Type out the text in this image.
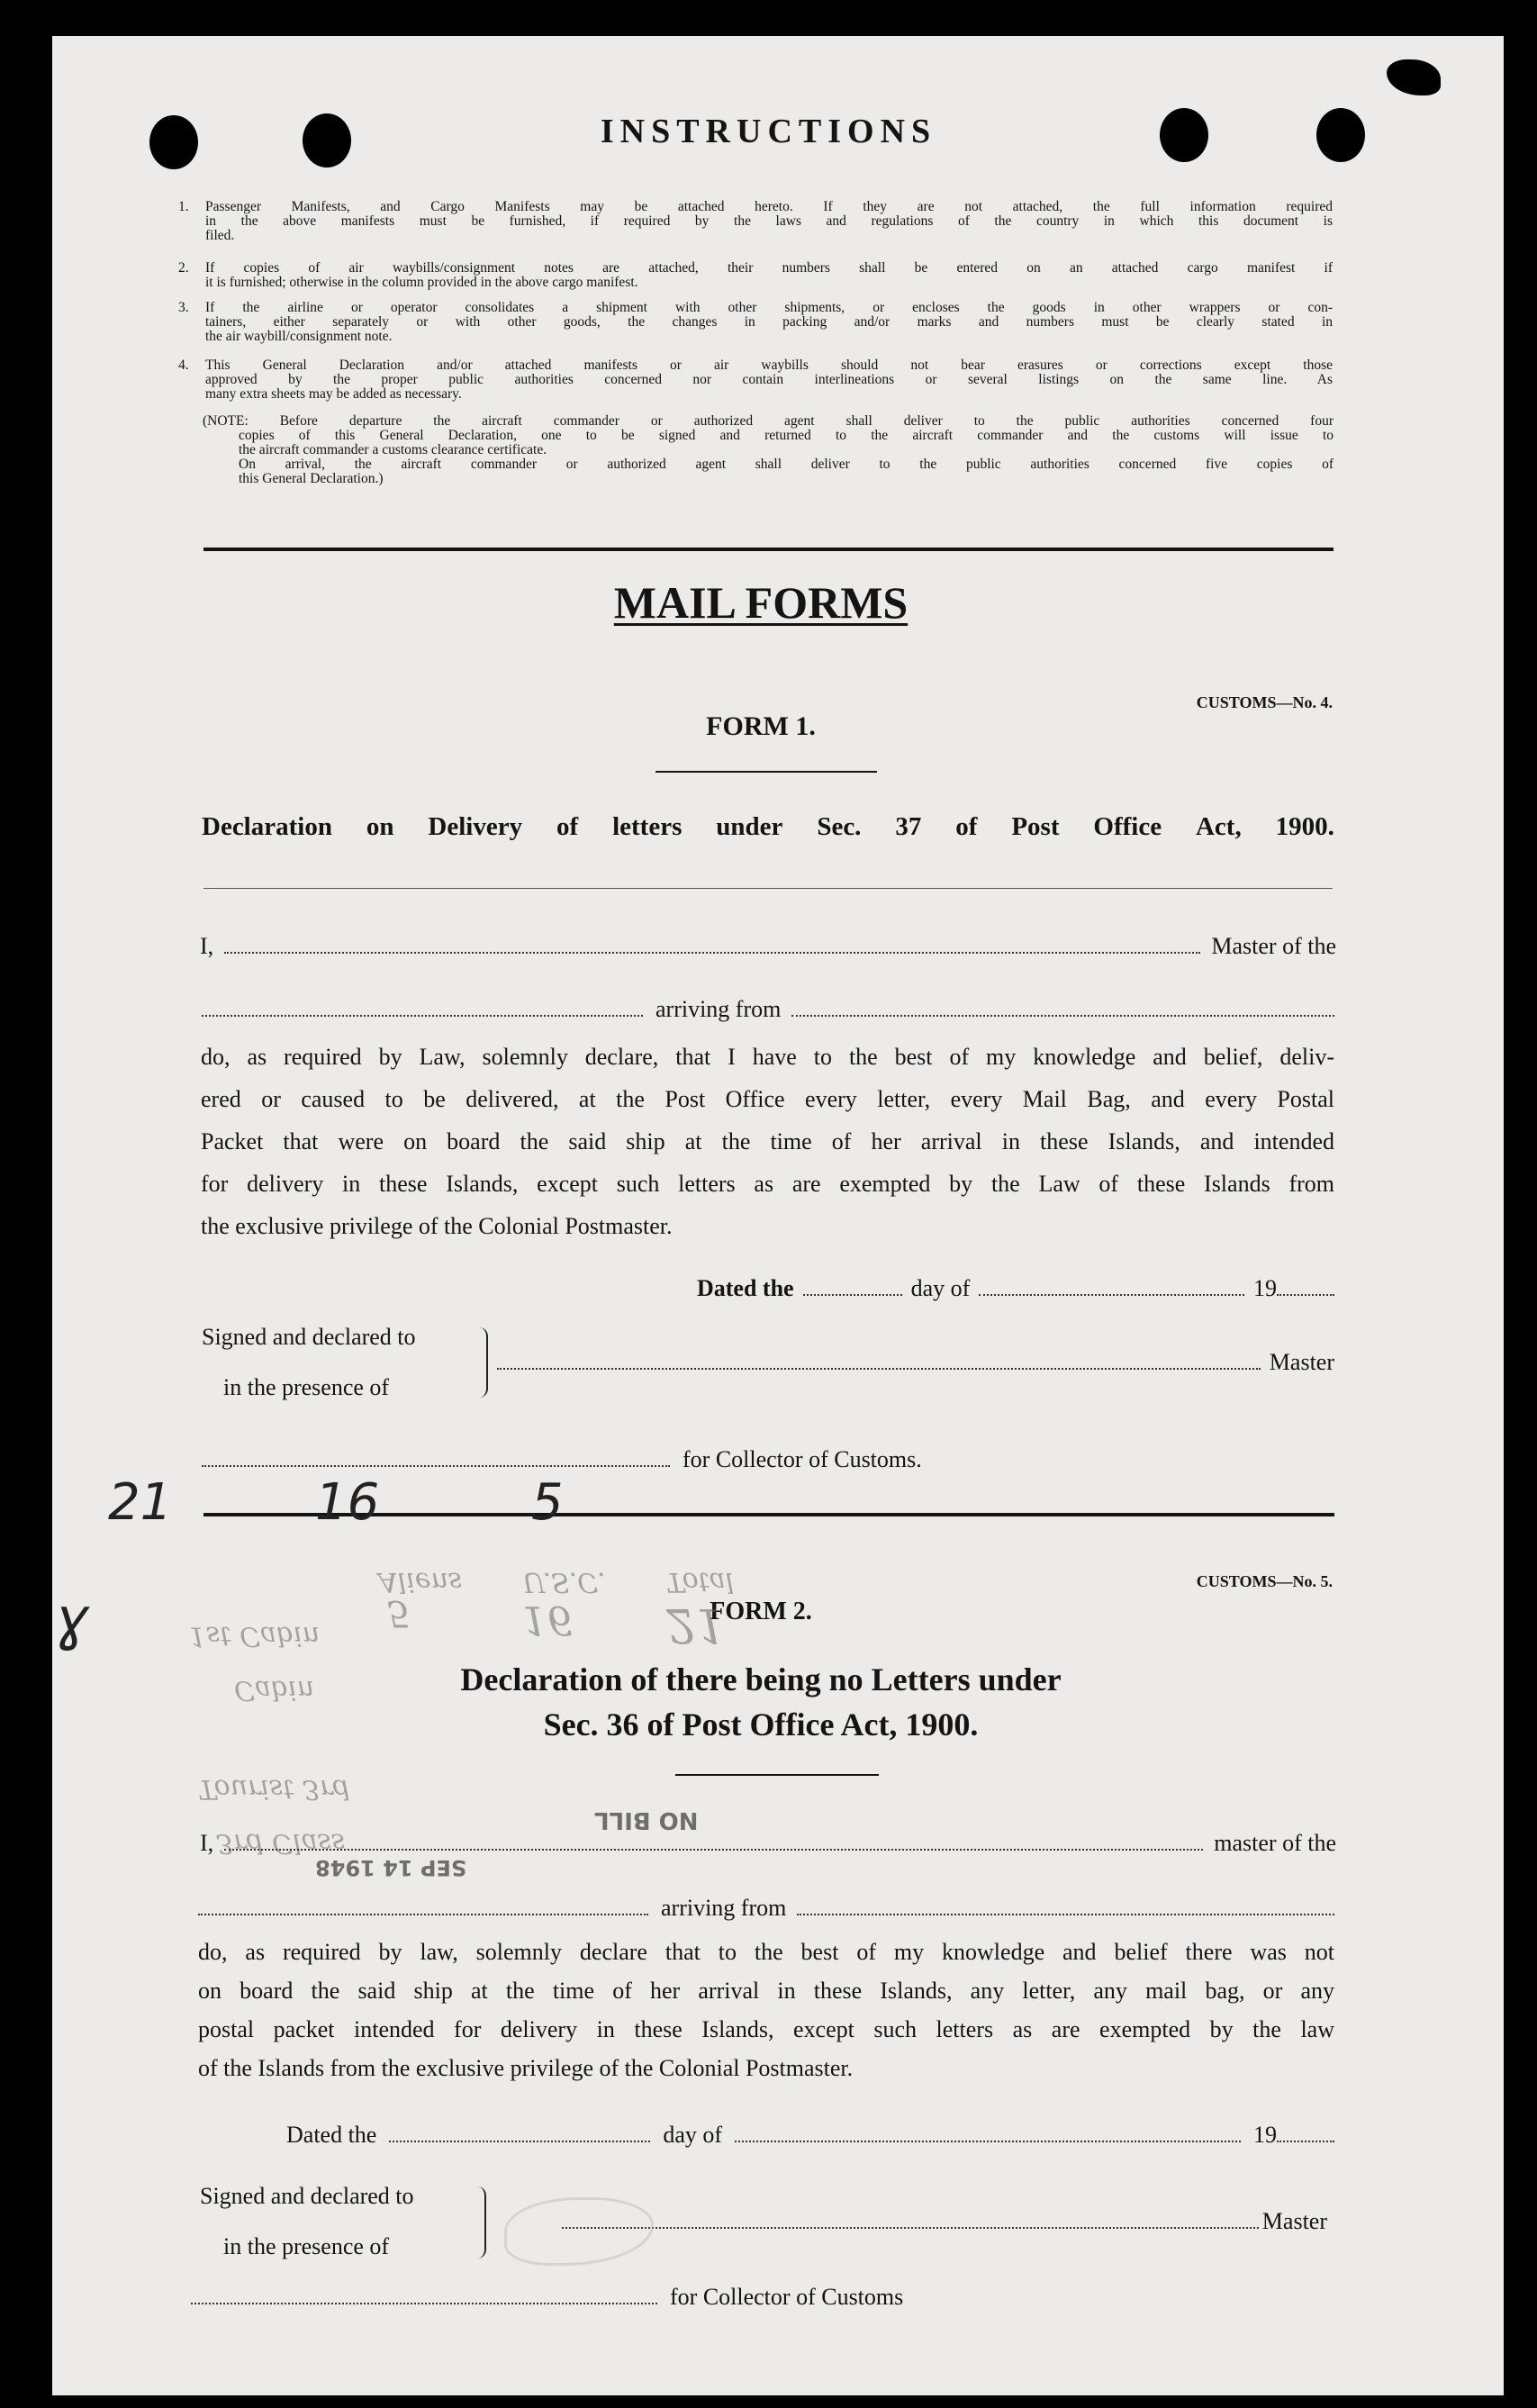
INSTRUCTIONS
1. Passenger Manifests, and Cargo Manifests may be attached hereto. If they are not attached, the full information required
in the above manifests must be furnished, if required by the laws and regulations of the country in which this document is
filed.
2. If copies of air waybills/consignment notes are attached, their numbers shall be entered on an attached cargo manifest if
it is furnished; otherwise in the column provided in the above cargo manifest.
3. If the airline or operator consolidates a shipment with other shipments, or encloses the goods in other wrappers or con-
tainers, either separately or with other goods, the changes in packing and/or marks and numbers must be clearly stated in
the air waybill/consignment note.
4. This General Declaration and/or attached manifests or air waybills should not bear erasures or corrections except those
approved by the proper public authorities concerned nor contain interlineations or several listings on the same line. As
many extra sheets may be added as necessary.
(NOTE: Before departure the aircraft commander or authorized agent shall deliver to the public authorities concerned four
copies of this General Declaration, one to be signed and returned to the aircraft commander and the customs will issue to
the aircraft commander a customs clearance certificate.
On arrival, the aircraft commander or authorized agent shall deliver to the public authorities concerned five copies of
this General Declaration.)
MAIL FORMS
CUSTOMS—No. 4.
FORM 1.
Declaration on Delivery of letters under Sec. 37 of Post Office Act, 1900.
I,	Master of the
arriving from
do, as required by Law, solemnly declare, that I have to the best of my knowledge and belief, deliv-
ered or caused to be delivered, at the Post Office every letter, every Mail Bag, and every Postal
Packet that were on board the said ship at the time of her arrival in these Islands, and intended
for delivery in these Islands, except such letters as are exempted by the Law of these Islands from
the exclusive privilege of the Colonial Postmaster.
Dated the	day of	19
Signed and declared to
in the presence of
Master
for Collector of Customs.
21	16	5
ɣ
CUSTOMS—No. 5.
FORM 2.
Declaration of there being no Letters under
Sec. 36 of Post Office Act, 1900.
3rd Class
Tourist 3rd
Cabin
1st Cabin
Aliens
5
U.S.C.
16
Total
21
NO BILL
SEP 14 1948
I,	master of the
arriving from
do, as required by law, solemnly declare that to the best of my knowledge and belief there was not
on board the said ship at the time of her arrival in these Islands, any letter, any mail bag, or any
postal packet intended for delivery in these Islands, except such letters as are exempted by the law
of the Islands from the exclusive privilege of the Colonial Postmaster.
Dated the	day of	19
Signed and declared to
in the presence of
Master
for Collector of Customs
